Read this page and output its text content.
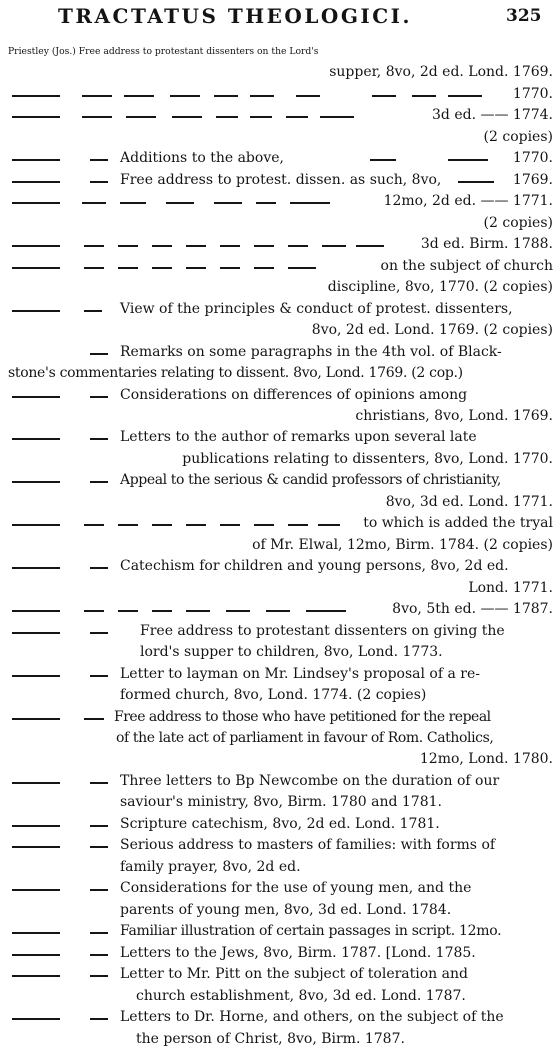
TRACTATUS THEOLOGICI.	325
Priestley (Jos.) Free address to protestant dissenters on the Lord's
supper, 8vo, 2d ed. Lond. 1769.
1770.
3d ed. —— 1774.
(2 copies)
Additions to the above,	1770.
Free address to protest. dissen. as such, 8vo,	1769.
12mo, 2d ed. —— 1771.
(2 copies)
3d ed. Birm. 1788.
on the subject of church
discipline, 8vo, 1770. (2 copies)
View of the principles & conduct of protest. dissenters,
8vo, 2d ed. Lond. 1769. (2 copies)
Remarks on some paragraphs in the 4th vol. of Black-
stone's commentaries relating to dissent. 8vo, Lond. 1769. (2 cop.)
Considerations on differences of opinions among
christians, 8vo, Lond. 1769.
Letters to the author of remarks upon several late
publications relating to dissenters, 8vo, Lond. 1770.
Appeal to the serious & candid professors of christianity,
8vo, 3d ed. Lond. 1771.
to which is added the tryal
of Mr. Elwal, 12mo, Birm. 1784. (2 copies)
Catechism for children and young persons, 8vo, 2d ed.
Lond. 1771.
8vo, 5th ed. —— 1787.
Free address to protestant dissenters on giving the
lord's supper to children, 8vo, Lond. 1773.
Letter to layman on Mr. Lindsey's proposal of a re-
formed church, 8vo, Lond. 1774. (2 copies)
Free address to those who have petitioned for the repeal
of the late act of parliament in favour of Rom. Catholics,
12mo, Lond. 1780.
Three letters to Bp Newcombe on the duration of our
saviour's ministry, 8vo, Birm. 1780 and 1781.
Scripture catechism, 8vo, 2d ed. Lond. 1781.
Serious address to masters of families: with forms of
family prayer, 8vo, 2d ed.
Considerations for the use of young men, and the
parents of young men, 8vo, 3d ed. Lond. 1784.
Familiar illustration of certain passages in script. 12mo.
Letters to the Jews, 8vo, Birm. 1787. [Lond. 1785.
Letter to Mr. Pitt on the subject of toleration and
church establishment, 8vo, 3d ed. Lond. 1787.
Letters to Dr. Horne, and others, on the subject of the
the person of Christ, 8vo, Birm. 1787.
